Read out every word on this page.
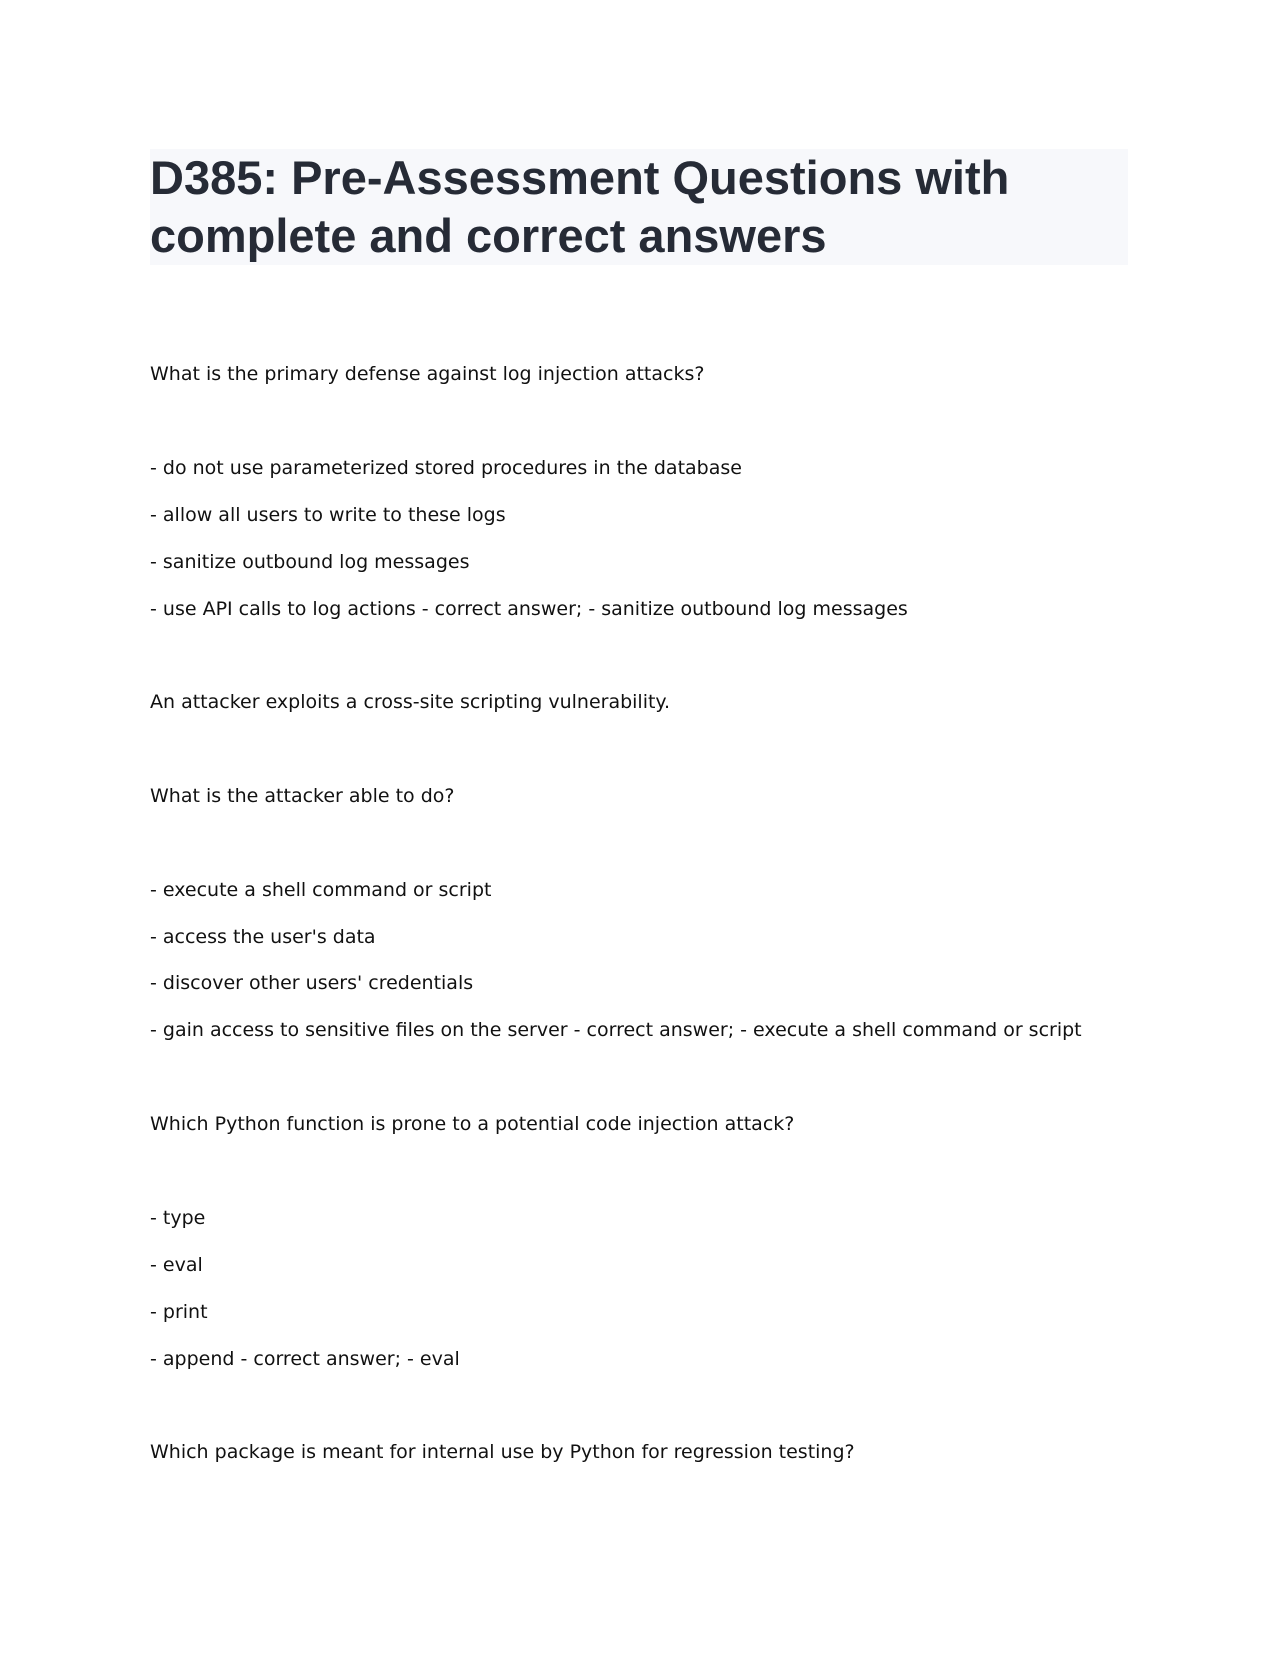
D385: Pre-Assessment Questions with complete and correct answers
What is the primary defense against log injection attacks?
- do not use parameterized stored procedures in the database
- allow all users to write to these logs
- sanitize outbound log messages
- use API calls to log actions - correct answer; - sanitize outbound log messages
An attacker exploits a cross-site scripting vulnerability.
What is the attacker able to do?
- execute a shell command or script
- access the user's data
- discover other users' credentials
- gain access to sensitive files on the server - correct answer; - execute a shell command or script
Which Python function is prone to a potential code injection attack?
- type
- eval
- print
- append - correct answer; - eval
Which package is meant for internal use by Python for regression testing?
